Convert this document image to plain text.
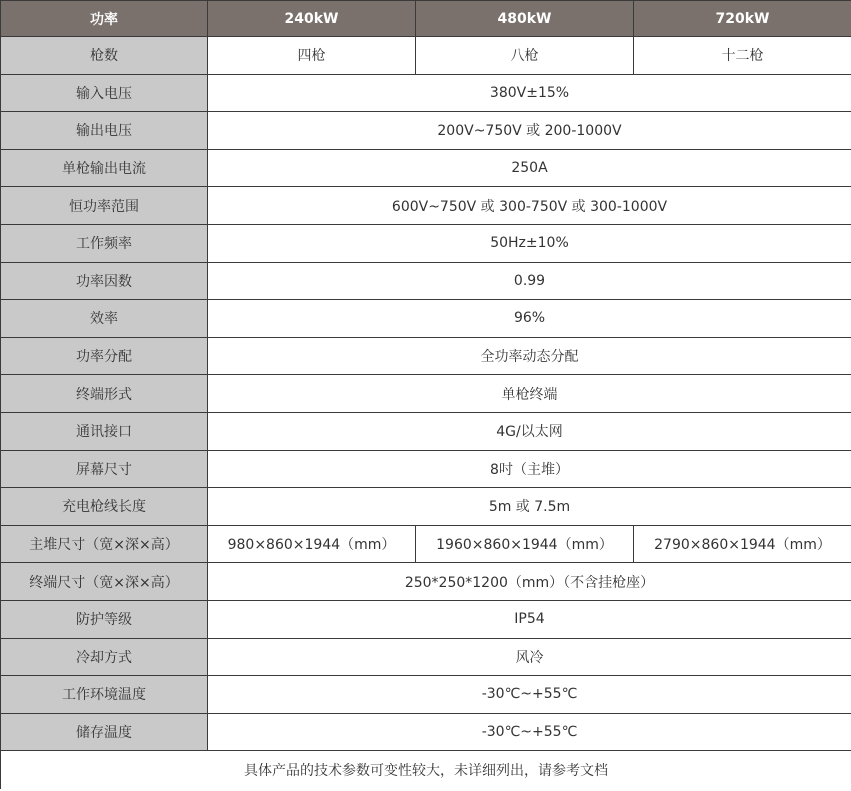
功率	240kW	480kW	720kW
枪数	四枪	八枪	十二枪
输入电压	380V±15%		
输出电压	200V~750V 或 200-1000V		
单枪输出电流	250A		
恒功率范围	600V~750V 或 300-750V 或 300-1000V		
工作频率	50Hz±10%		
功率因数	0.99		
效率	96%		
功率分配	全功率动态分配		
终端形式	单枪终端		
通讯接口	4G/以太网		
屏幕尺寸	8吋（主堆）		
充电枪线长度	5m 或 7.5m		
主堆尺寸（宽×深×高）	980×860×1944（mm）	1960×860×1944（mm）	2790×860×1944（mm）
终端尺寸（宽×深×高）	250*250*1200（mm）（不含挂枪座）		
防护等级	IP54		
冷却方式	风冷		
工作环境温度	-30℃~+55℃		
储存温度	-30℃~+55℃		
具体产品的技术参数可变性较大，未详细列出，请参考文档			
